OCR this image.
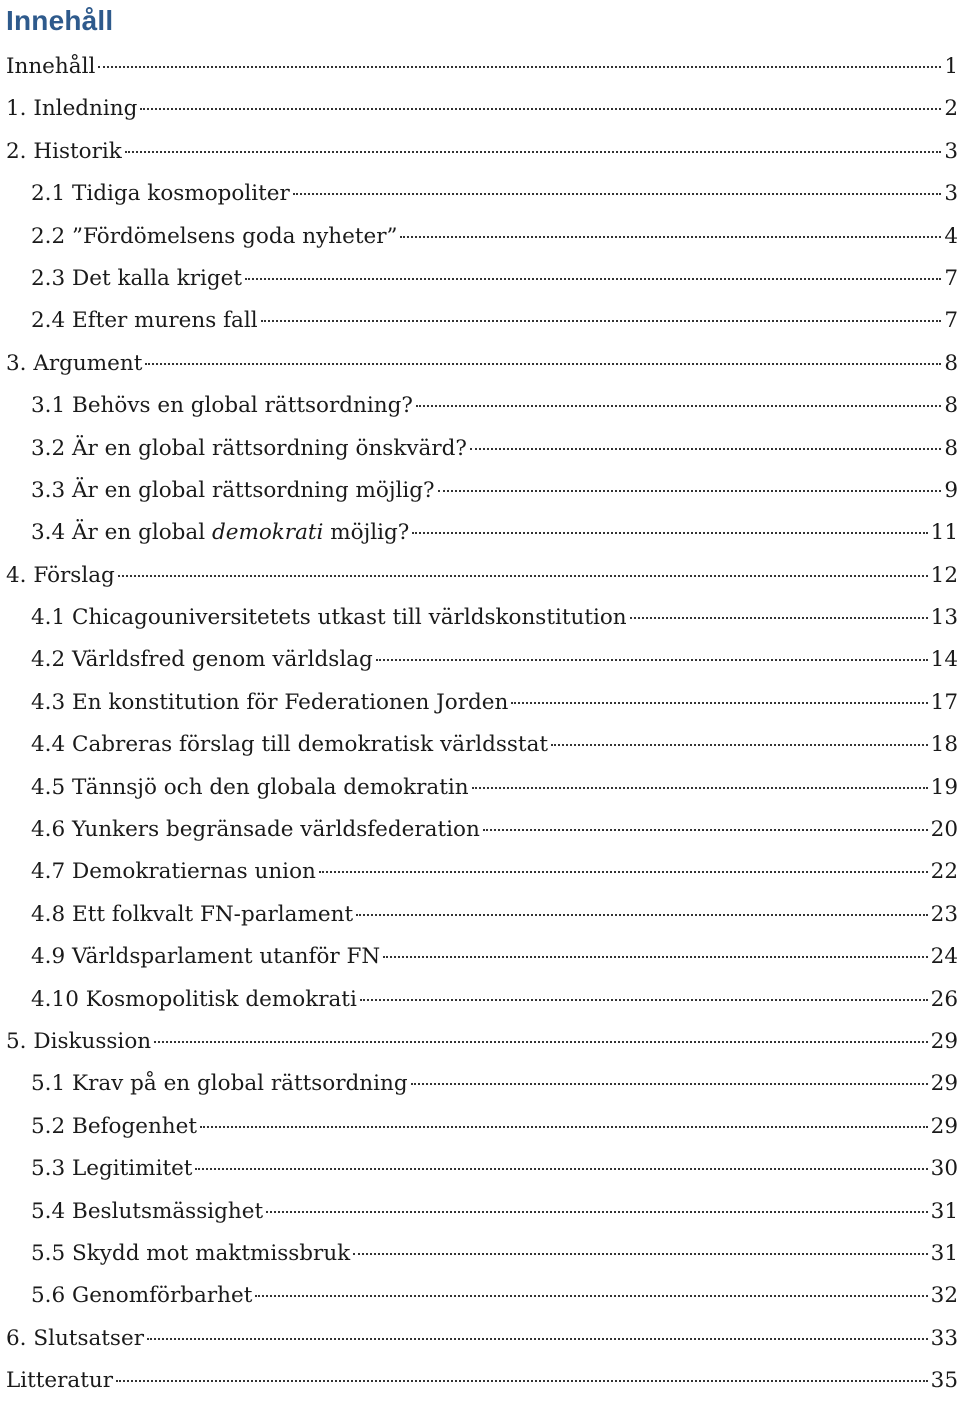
Innehåll
Innehåll	1
1. Inledning	2
2. Historik	3
2.1 Tidiga kosmopoliter	3
2.2 ”Fördömelsens goda nyheter”	4
2.3 Det kalla kriget	7
2.4 Efter murens fall	7
3. Argument	8
3.1 Behövs en global rättsordning?	8
3.2 Är en global rättsordning önskvärd?	8
3.3 Är en global rättsordning möjlig?	9
3.4 Är en global demokrati möjlig?	11
4. Förslag	12
4.1 Chicagouniversitetets utkast till världskonstitution	13
4.2 Världsfred genom världslag	14
4.3 En konstitution för Federationen Jorden	17
4.4 Cabreras förslag till demokratisk världsstat	18
4.5 Tännsjö och den globala demokratin	19
4.6 Yunkers begränsade världsfederation	20
4.7 Demokratiernas union	22
4.8 Ett folkvalt FN-parlament	23
4.9 Världsparlament utanför FN	24
4.10 Kosmopolitisk demokrati	26
5. Diskussion	29
5.1 Krav på en global rättsordning	29
5.2 Befogenhet	29
5.3 Legitimitet	30
5.4 Beslutsmässighet	31
5.5 Skydd mot maktmissbruk	31
5.6 Genomförbarhet	32
6. Slutsatser	33
Litteratur	35
